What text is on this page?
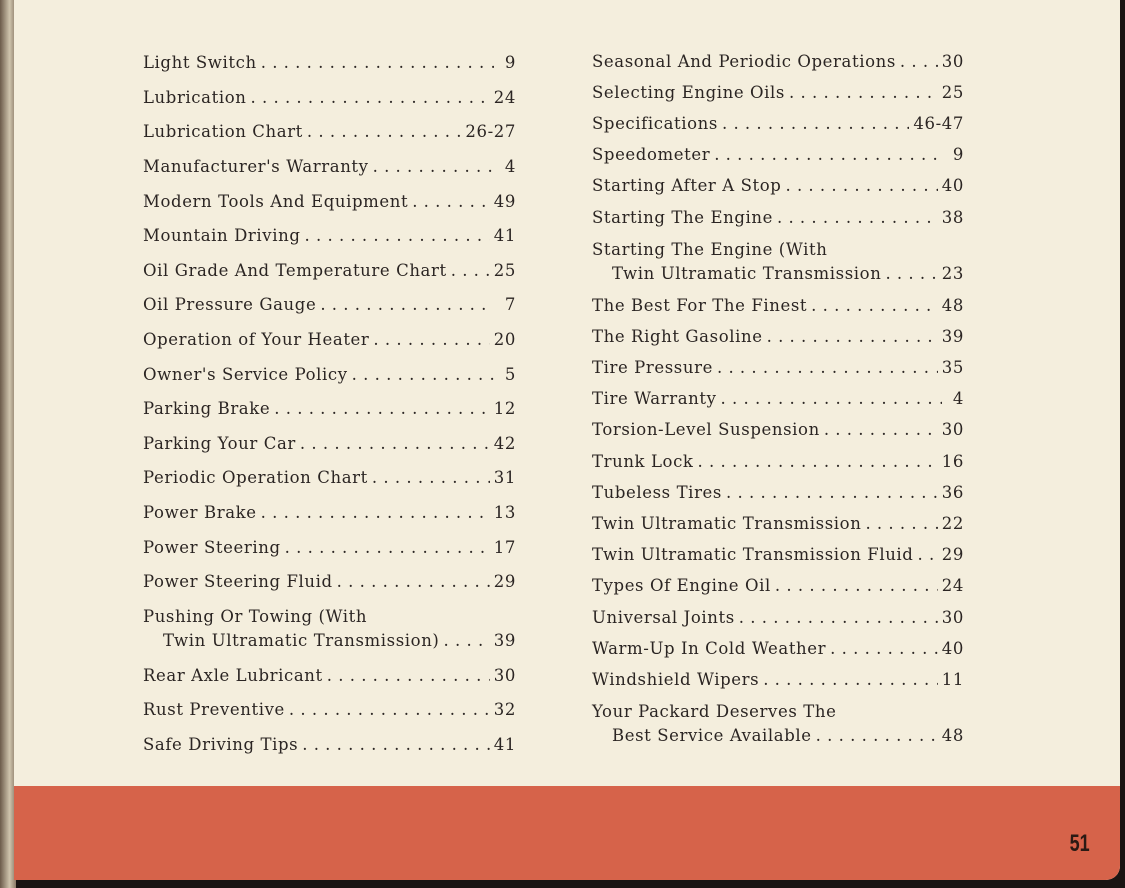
Light Switch . . .	9
Lubrication . . .	24
Lubrication Chart . . .	26-27
Manufacturer's Warranty . . .	4
Modern Tools And Equipment . . .	49
Mountain Driving . . .	41
Oil Grade And Temperature Chart . . .	25
Oil Pressure Gauge . . .	7
Operation of Your Heater . . .	20
Owner's Service Policy . . .	5
Parking Brake . . .	12
Parking Your Car . . .	42
Periodic Operation Chart . . .	31
Power Brake . . .	13
Power Steering . . .	17
Power Steering Fluid . . .	29
Pushing Or Towing (With
Twin Ultramatic Transmission) . . .	39
Rear Axle Lubricant . . .	30
Rust Preventive . . .	32
Safe Driving Tips . . .	41
Seasonal And Periodic Operations . . .	30
Selecting Engine Oils . . .	25
Specifications . . .	46-47
Speedometer . . .	9
Starting After A Stop . . .	40
Starting The Engine . . .	38
Starting The Engine (With
Twin Ultramatic Transmission . . .	23
The Best For The Finest . . .	48
The Right Gasoline . . .	39
Tire Pressure . . .	35
Tire Warranty . . .	4
Torsion-Level Suspension . . .	30
Trunk Lock . . .	16
Tubeless Tires . . .	36
Twin Ultramatic Transmission . . .	22
Twin Ultramatic Transmission Fluid . . . 29
Types Of Engine Oil . . .	24
Universal Joints . . .	30
Warm-Up In Cold Weather . . .	40
Windshield Wipers . . .	11
Your Packard Deserves The
Best Service Available . . .	48
51
